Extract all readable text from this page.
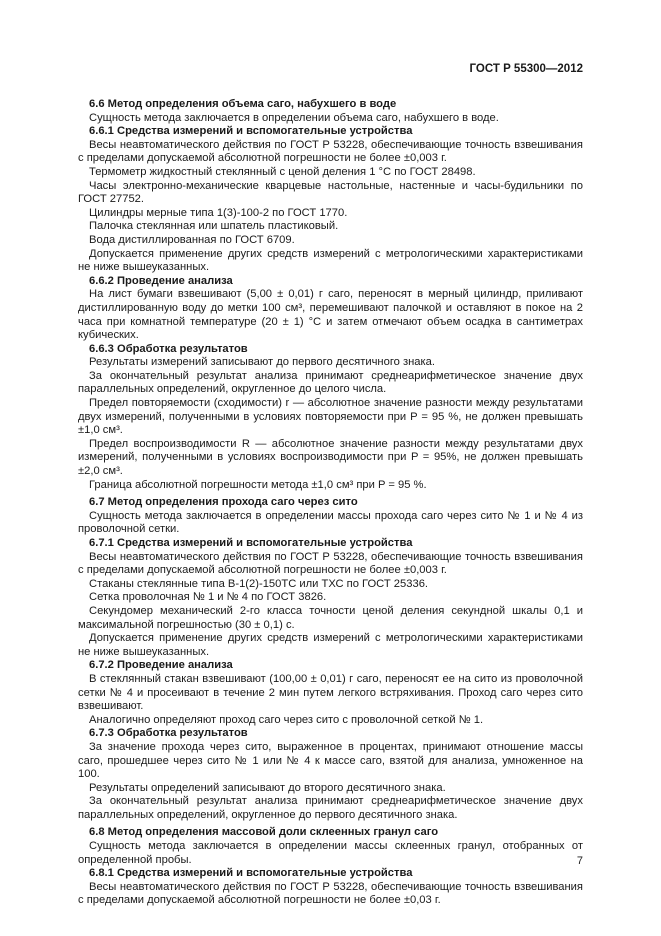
ГОСТ Р 55300—2012

6.6 Метод определения объема саго, набухшего в воде

Сущность метода заключается в определении объема саго, набухшего в воде.

6.6.1 Средства измерений и вспомогательные устройства

Весы неавтоматического действия по ГОСТ Р 53228, обеспечивающие точность взвешивания с пределами допускаемой абсолютной погрешности не более ±0,003 г.

Термометр жидкостный стеклянный с ценой деления 1 °С по ГОСТ 28498.

Часы электронно-механические кварцевые настольные, настенные и часы-будильники по ГОСТ 27752.

Цилиндры мерные типа 1(3)-100-2 по ГОСТ 1770.

Палочка стеклянная или шпатель пластиковый.

Вода дистиллированная по ГОСТ 6709.

Допускается применение других средств измерений с метрологическими характеристиками не ниже вышеуказанных.

6.6.2 Проведение анализа

На лист бумаги взвешивают (5,00 ± 0,01) г саго, переносят в мерный цилиндр, приливают дистиллированную воду до метки 100 см³, перемешивают палочкой и оставляют в покое на 2 часа при комнатной температуре (20 ± 1) °С и затем отмечают объем осадка в сантиметрах кубических.

6.6.3 Обработка результатов

Результаты измерений записывают до первого десятичного знака.

За окончательный результат анализа принимают среднеарифметическое значение двух параллельных определений, округленное до целого числа.

Предел повторяемости (сходимости) r — абсолютное значение разности между результатами двух измерений, полученными в условиях повторяемости при P = 95 %, не должен превышать ±1,0 см³.

Предел воспроизводимости R — абсолютное значение разности между результатами двух измерений, полученными в условиях воспроизводимости при P = 95%, не должен превышать ±2,0 см³.

Граница абсолютной погрешности метода ±1,0 см³ при P = 95 %.

6.7 Метод определения прохода саго через сито

Сущность метода заключается в определении массы прохода саго через сито № 1 и № 4 из проволочной сетки.

6.7.1 Средства измерений и вспомогательные устройства

Весы неавтоматического действия по ГОСТ Р 53228, обеспечивающие точность взвешивания с пределами допускаемой абсолютной погрешности не более ±0,003 г.

Стаканы стеклянные типа В-1(2)-150ТС или ТХС по ГОСТ 25336.

Сетка проволочная № 1 и № 4 по ГОСТ 3826.

Секундомер механический 2-го класса точности ценой деления секундной шкалы 0,1 и максимальной погрешностью (30 ± 0,1) с.

Допускается применение других средств измерений с метрологическими характеристиками не ниже вышеуказанных.

6.7.2 Проведение анализа

В стеклянный стакан взвешивают (100,00 ± 0,01) г саго, переносят ее на сито из проволочной сетки № 4 и просеивают в течение 2 мин путем легкого встряхивания. Проход саго через сито взвешивают.

Аналогично определяют проход саго через сито с проволочной сеткой № 1.

6.7.3 Обработка результатов

За значение прохода через сито, выраженное в процентах, принимают отношение массы саго, прошедшее через сито № 1 или № 4 к массе саго, взятой для анализа, умноженное на 100.

Результаты определений записывают до второго десятичного знака.

За окончательный результат анализа принимают среднеарифметическое значение двух параллельных определений, округленное до первого десятичного знака.

6.8 Метод определения массовой доли склеенных гранул саго

Сущность метода заключается в определении массы склеенных гранул, отобранных от определенной пробы.

6.8.1 Средства измерений и вспомогательные устройства

Весы неавтоматического действия по ГОСТ Р 53228, обеспечивающие точность взвешивания с пределами допускаемой абсолютной погрешности не более ±0,03 г.

7
